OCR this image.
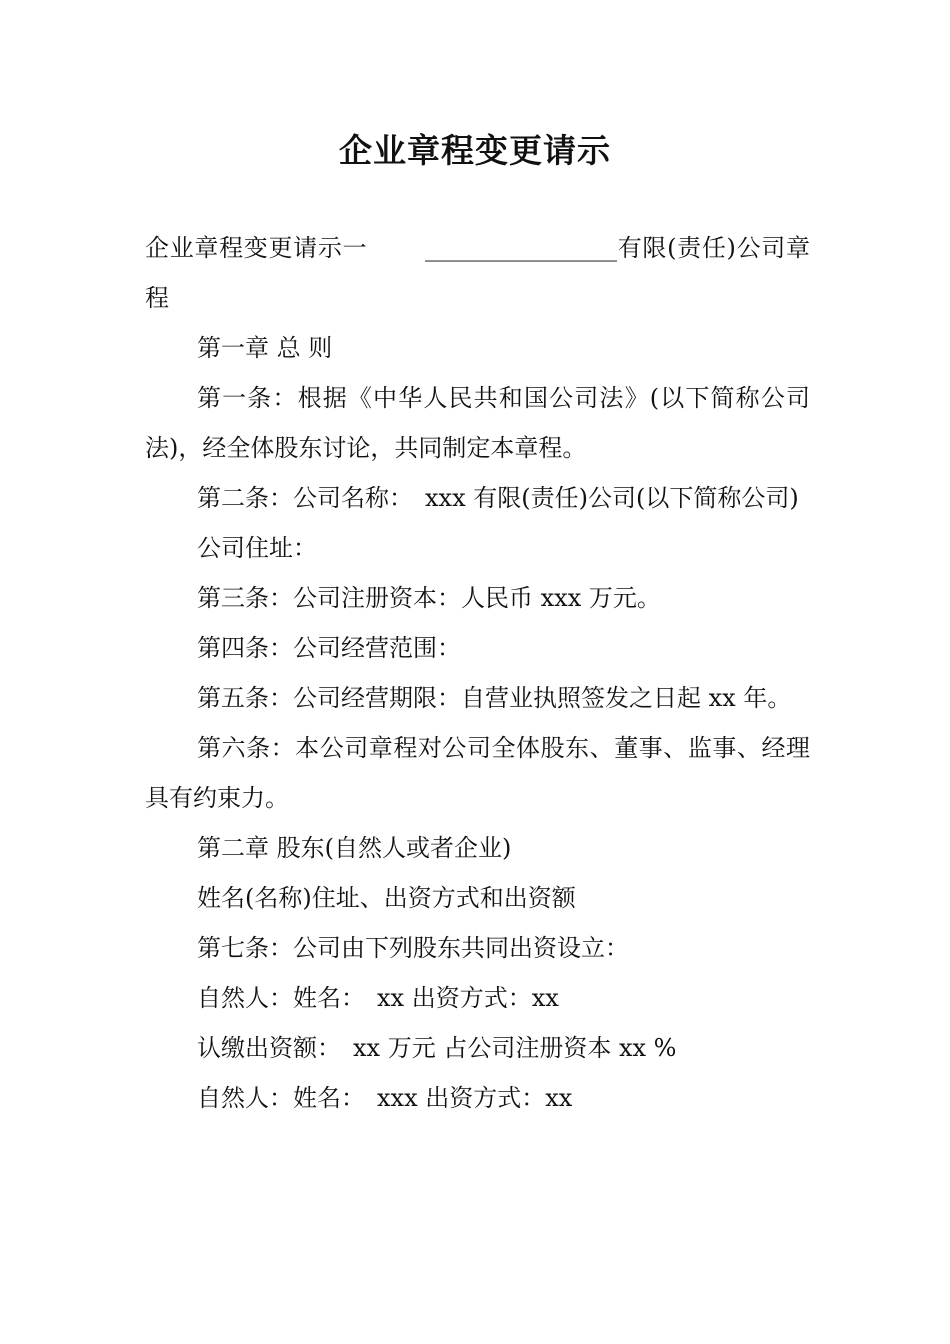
企业章程变更请示

企业章程变更请示一　　 ________________有限(责任)公司章程

第一章 总 则

第一条：根据《中华人民共和国公司法》(以下简称公司法)，经全体股东讨论，共同制定本章程。

第二条：公司名称：　xxx 有限(责任)公司(以下简称公司)

公司住址：

第三条：公司注册资本：人民币 xxx 万元。

第四条：公司经营范围：

第五条：公司经营期限：自营业执照签发之日起 xx 年。

第六条：本公司章程对公司全体股东、董事、监事、经理具有约束力。

第二章 股东(自然人或者企业)

姓名(名称)住址、出资方式和出资额

第七条：公司由下列股东共同出资设立：

自然人：姓名：　xx 出资方式：xx

认缴出资额：　xx 万元 占公司注册资本 xx %

自然人：姓名：　xxx 出资方式：xx
